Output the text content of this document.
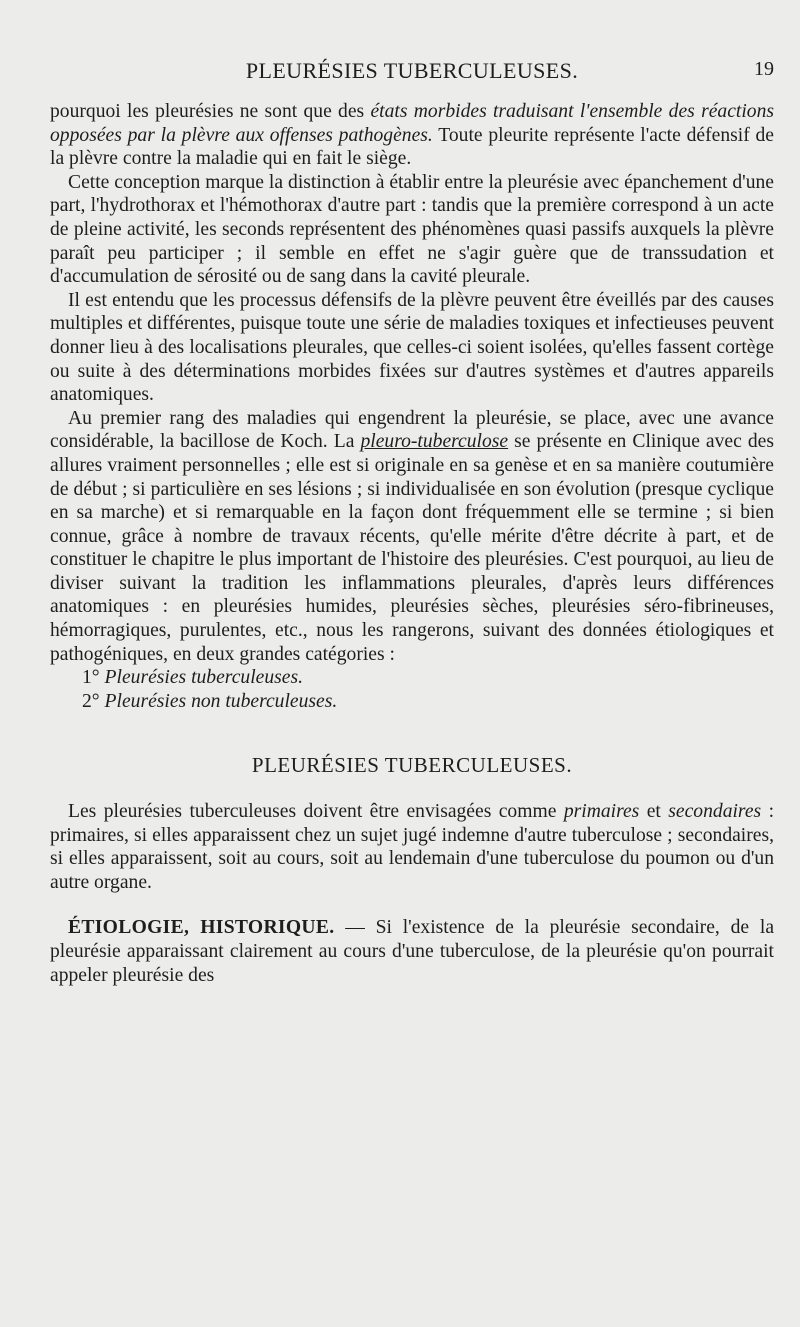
PLEURÉSIES TUBERCULEUSES.	19

pourquoi les pleurésies ne sont que des états morbides traduisant l'ensemble des réactions opposées par la plèvre aux offenses pathogènes. Toute pleurite représente l'acte défensif de la plèvre contre la maladie qui en fait le siège.

Cette conception marque la distinction à établir entre la pleurésie avec épanchement d'une part, l'hydrothorax et l'hémothorax d'autre part : tandis que la première correspond à un acte de pleine activité, les seconds représentent des phénomènes quasi passifs auxquels la plèvre paraît peu participer ; il semble en effet ne s'agir guère que de transsudation et d'accumulation de sérosité ou de sang dans la cavité pleurale.

Il est entendu que les processus défensifs de la plèvre peuvent être éveillés par des causes multiples et différentes, puisque toute une série de maladies toxiques et infectieuses peuvent donner lieu à des localisations pleurales, que celles-ci soient isolées, qu'elles fassent cortège ou suite à des déterminations morbides fixées sur d'autres systèmes et d'autres appareils anatomiques.

Au premier rang des maladies qui engendrent la pleurésie, se place, avec une avance considérable, la bacillose de Koch. La pleuro-tuberculose se présente en Clinique avec des allures vraiment personnelles ; elle est si originale en sa genèse et en sa manière coutumière de début ; si particulière en ses lésions ; si individualisée en son évolution (presque cyclique en sa marche) et si remarquable en la façon dont fréquemment elle se termine ; si bien connue, grâce à nombre de travaux récents, qu'elle mérite d'être décrite à part, et de constituer le chapitre le plus important de l'histoire des pleurésies. C'est pourquoi, au lieu de diviser suivant la tradition les inflammations pleurales, d'après leurs différences anatomiques : en pleurésies humides, pleurésies sèches, pleurésies séro-fibrineuses, hémorragiques, purulentes, etc., nous les rangerons, suivant des données étiologiques et pathogéniques, en deux grandes catégories :

1° Pleurésies tuberculeuses.

2° Pleurésies non tuberculeuses.

PLEURÉSIES TUBERCULEUSES.

Les pleurésies tuberculeuses doivent être envisagées comme primaires et secondaires : primaires, si elles apparaissent chez un sujet jugé indemne d'autre tuberculose ; secondaires, si elles apparaissent, soit au cours, soit au lendemain d'une tuberculose du poumon ou d'un autre organe.

ÉTIOLOGIE, HISTORIQUE. — Si l'existence de la pleurésie secondaire, de la pleurésie apparaissant clairement au cours d'une tuberculose, de la pleurésie qu'on pourrait appeler pleurésie des
